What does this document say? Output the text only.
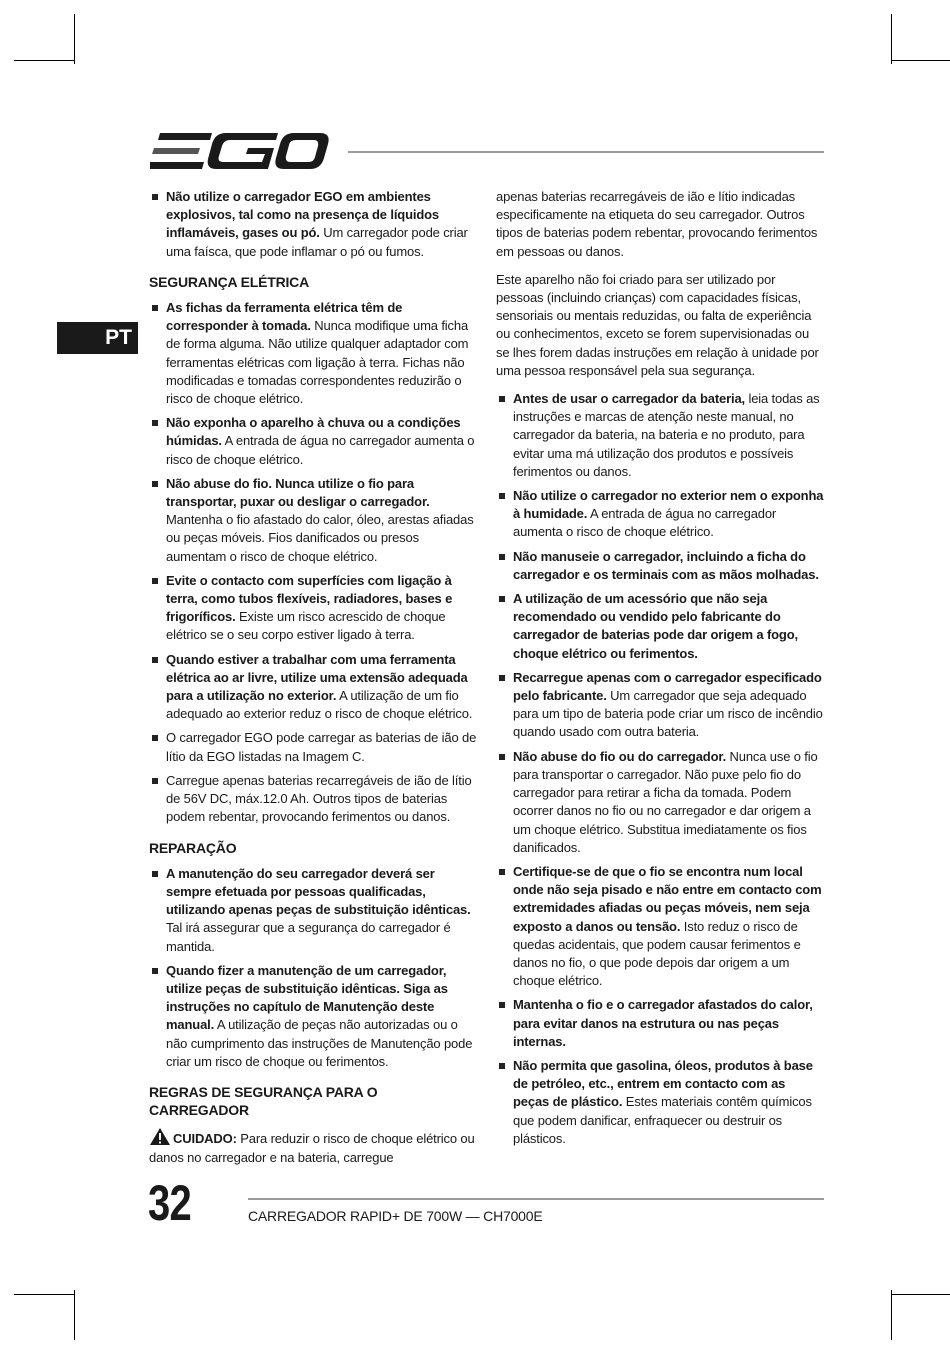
PT
Não utilize o carregador EGO em ambientes explosivos, tal como na presença de líquidos inflamáveis, gases ou pó. Um carregador pode criar uma faísca, que pode inflamar o pó ou fumos.
SEGURANÇA ELÉTRICA
As fichas da ferramenta elétrica têm de corresponder à tomada. Nunca modifique uma ficha de forma alguma. Não utilize qualquer adaptador com ferramentas elétricas com ligação à terra. Fichas não modificadas e tomadas correspondentes reduzirão o risco de choque elétrico.
Não exponha o aparelho à chuva ou a condições húmidas. A entrada de água no carregador aumenta o risco de choque elétrico.
Não abuse do fio. Nunca utilize o fio para transportar, puxar ou desligar o carregador. Mantenha o fio afastado do calor, óleo, arestas afiadas ou peças móveis. Fios danificados ou presos aumentam o risco de choque elétrico.
Evite o contacto com superfícies com ligação à terra, como tubos flexíveis, radiadores, bases e frigoríficos. Existe um risco acrescido de choque elétrico se o seu corpo estiver ligado à terra.
Quando estiver a trabalhar com uma ferramenta elétrica ao ar livre, utilize uma extensão adequada para a utilização no exterior. A utilização de um fio adequado ao exterior reduz o risco de choque elétrico.
O carregador EGO pode carregar as baterias de ião de lítio da EGO listadas na Imagem C.
Carregue apenas baterias recarregáveis de ião de lítio de 56V DC, máx.12.0 Ah. Outros tipos de baterias podem rebentar, provocando ferimentos ou danos.
REPARAÇÃO
A manutenção do seu carregador deverá ser sempre efetuada por pessoas qualificadas, utilizando apenas peças de substituição idênticas. Tal irá assegurar que a segurança do carregador é mantida.
Quando fizer a manutenção de um carregador, utilize peças de substituição idênticas. Siga as instruções no capítulo de Manutenção deste manual. A utilização de peças não autorizadas ou o não cumprimento das instruções de Manutenção pode criar um risco de choque ou ferimentos.
REGRAS DE SEGURANÇA PARA O CARREGADOR

CUIDADO: Para reduzir o risco de choque elétrico ou danos no carregador e na bateria, carregue

apenas baterias recarregáveis de ião e lítio indicadas especificamente na etiqueta do seu carregador. Outros tipos de baterias podem rebentar, provocando ferimentos em pessoas ou danos.

Este aparelho não foi criado para ser utilizado por pessoas (incluindo crianças) com capacidades físicas, sensoriais ou mentais reduzidas, ou falta de experiência ou conhecimentos, exceto se forem supervisionadas ou se lhes forem dadas instruções em relação à unidade por uma pessoa responsável pela sua segurança.

Antes de usar o carregador da bateria, leia todas as instruções e marcas de atenção neste manual, no carregador da bateria, na bateria e no produto, para evitar uma má utilização dos produtos e possíveis ferimentos ou danos.
Não utilize o carregador no exterior nem o exponha à humidade. A entrada de água no carregador aumenta o risco de choque elétrico.
Não manuseie o carregador, incluindo a ficha do carregador e os terminais com as mãos molhadas.
A utilização de um acessório que não seja recomendado ou vendido pelo fabricante do carregador de baterias pode dar origem a fogo, choque elétrico ou ferimentos.
Recarregue apenas com o carregador especificado pelo fabricante. Um carregador que seja adequado para um tipo de bateria pode criar um risco de incêndio quando usado com outra bateria.
Não abuse do fio ou do carregador. Nunca use o fio para transportar o carregador. Não puxe pelo fio do carregador para retirar a ficha da tomada. Podem ocorrer danos no fio ou no carregador e dar origem a um choque elétrico. Substitua imediatamente os fios danificados.
Certifique-se de que o fio se encontra num local onde não seja pisado e não entre em contacto com extremidades afiadas ou peças móveis, nem seja exposto a danos ou tensão. Isto reduz o risco de quedas acidentais, que podem causar ferimentos e danos no fio, o que pode depois dar origem a um choque elétrico.
Mantenha o fio e o carregador afastados do calor, para evitar danos na estrutura ou nas peças internas.
Não permita que gasolina, óleos, produtos à base de petróleo, etc., entrem em contacto com as peças de plástico. Estes materiais contêm químicos que podem danificar, enfraquecer ou destruir os plásticos.
32	CARREGADOR RAPID+ DE 700W — CH7000E
